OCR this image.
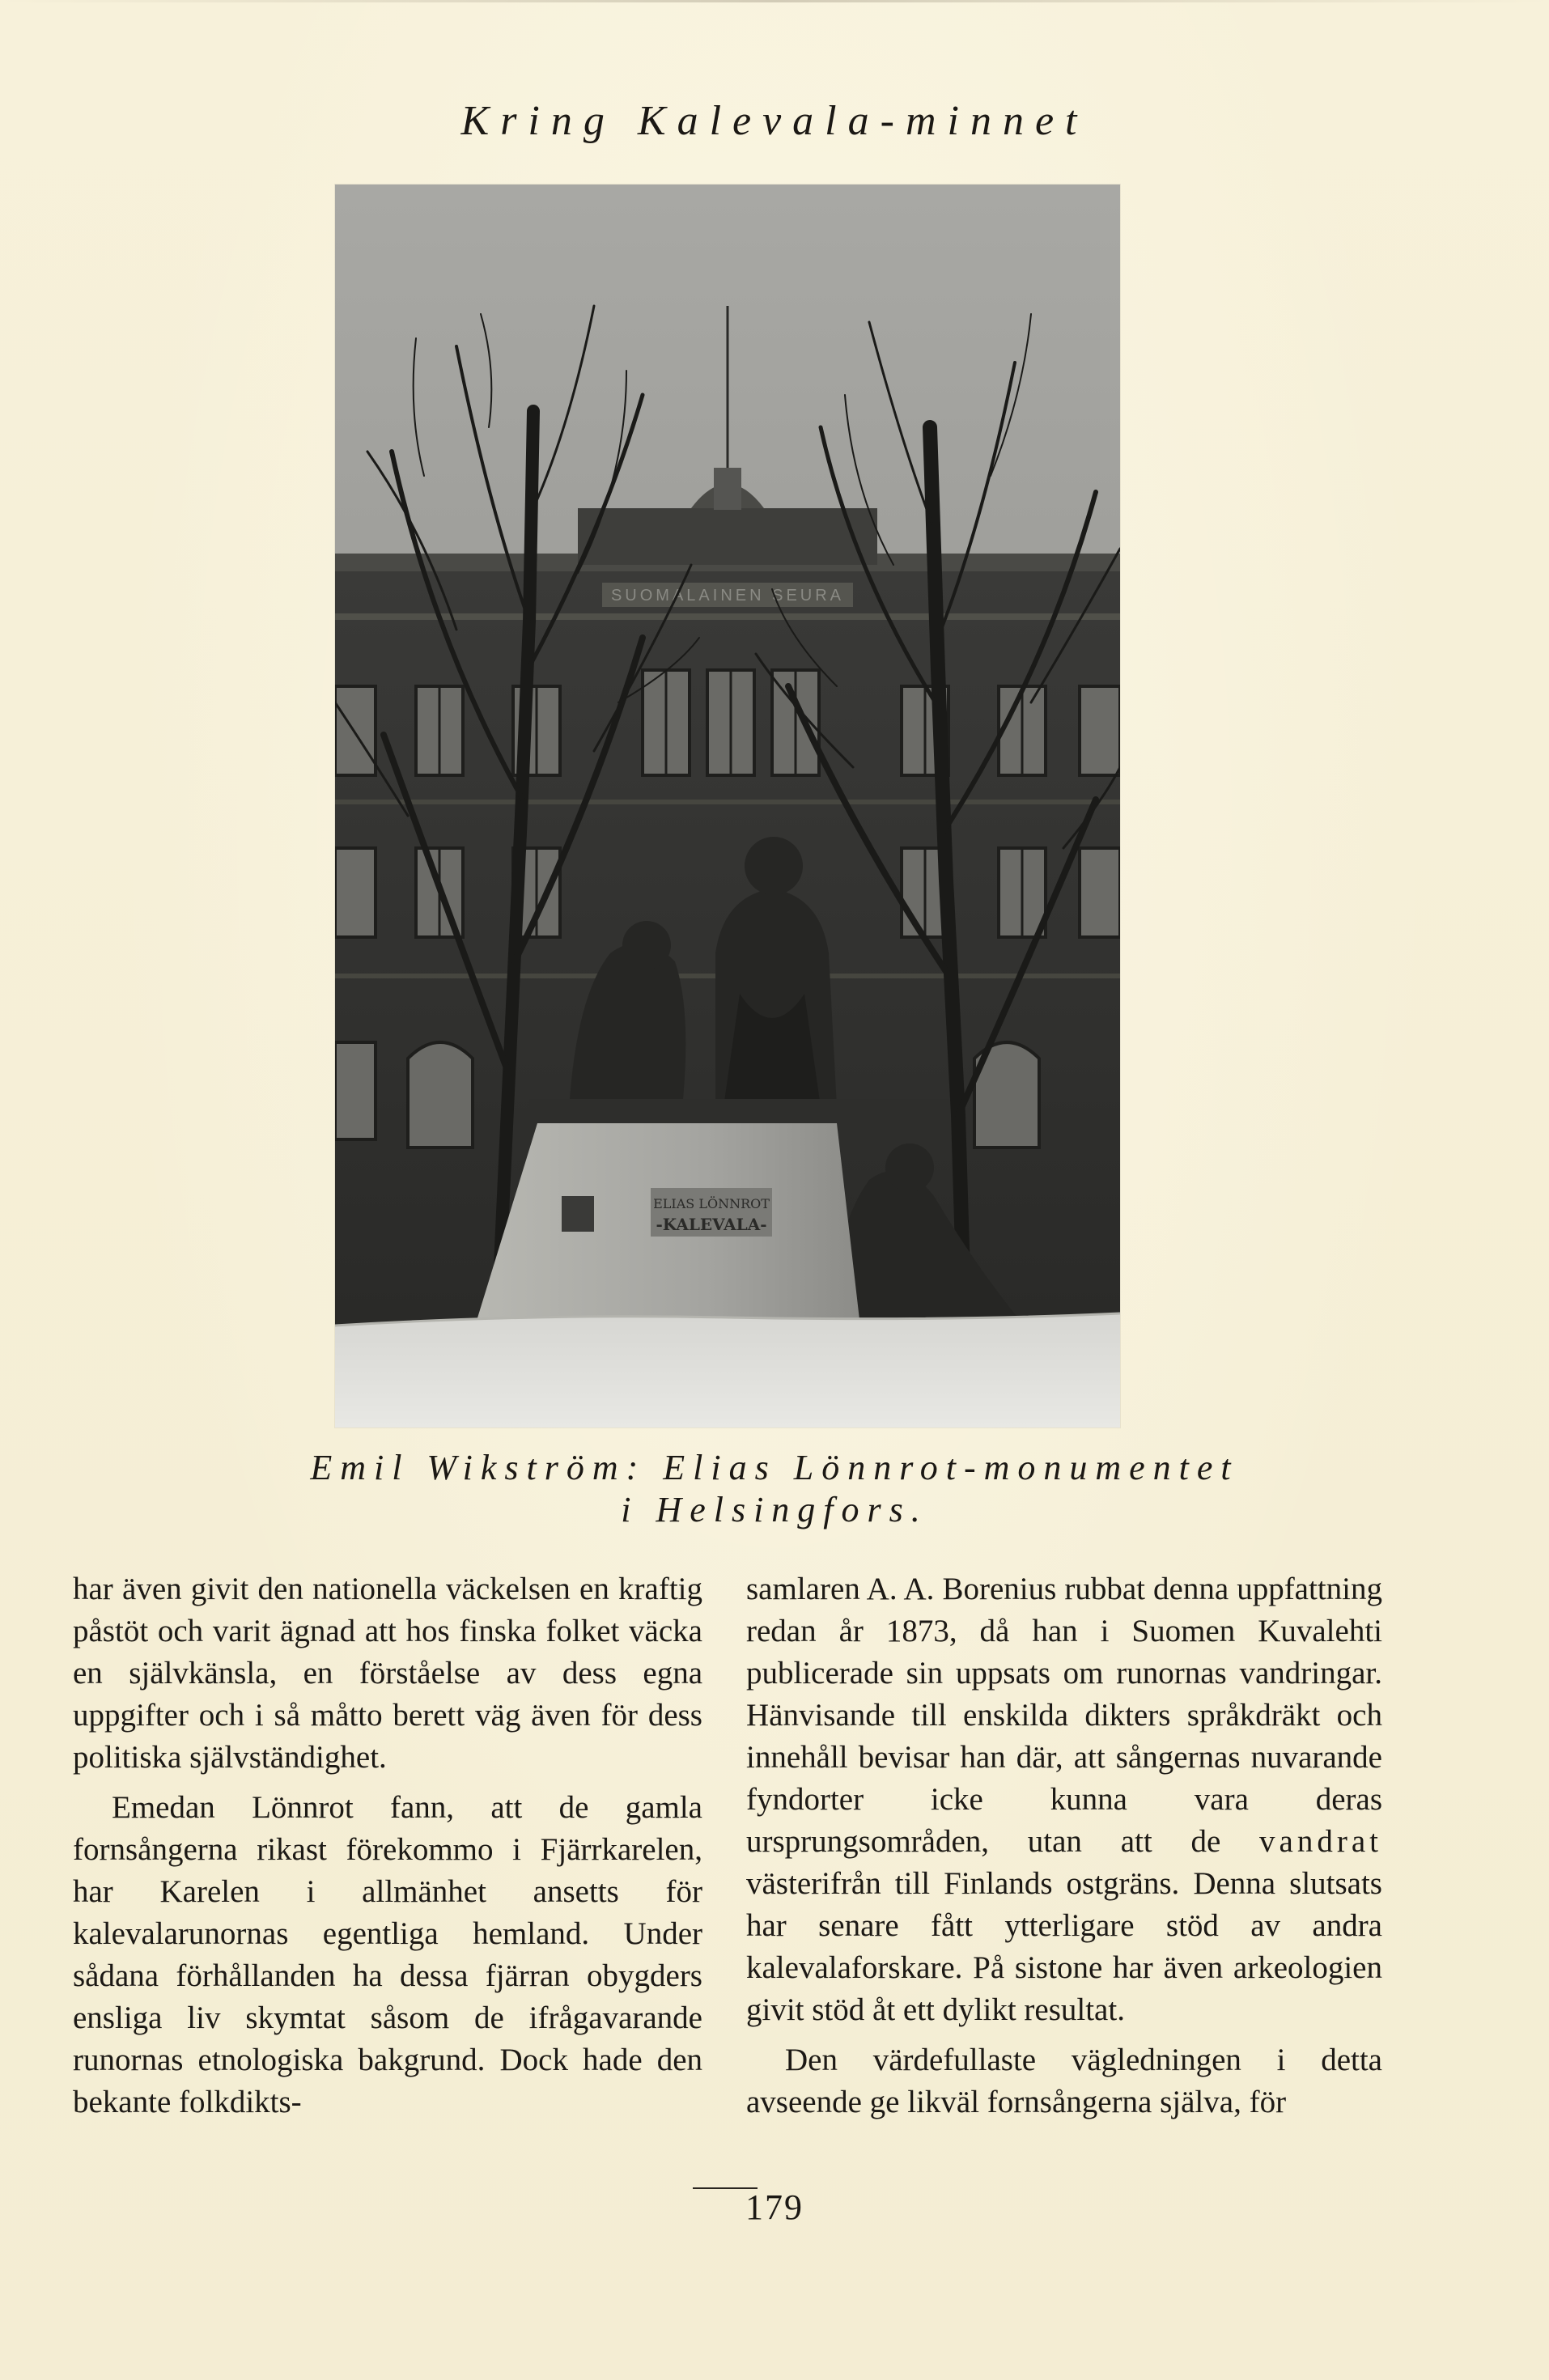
Kring Kalevala-minnet
SUOMALAINEN SEURA
ELIAS LÖNNROT
-KALEVALA-
Emil Wikström: Elias Lönnrot-monumentet
i Helsingfors.

har även givit den nationella väckelsen en kraftig påstöt och varit ägnad att hos finska folket väcka en självkänsla, en förståelse av dess egna uppgifter och i så måtto berett väg även för dess politiska självständighet.

Emedan Lönnrot fann, att de gamla fornsångerna rikast förekommo i Fjärrkarelen, har Karelen i allmänhet ansetts för kalevalarunornas egentliga hemland. Under sådana förhållanden ha dessa fjärran obygders ensliga liv skymtat såsom de ifrågavarande runornas etnologiska bakgrund. Dock hade den bekante folkdikts-

samlaren A. A. Borenius rubbat denna uppfattning redan år 1873, då han i Suomen Kuvalehti publicerade sin uppsats om runornas vandringar. Hänvisande till enskilda dikters språkdräkt och innehåll bevisar han där, att sångernas nuvarande fyndorter icke kunna vara deras ursprungsområden, utan att de vandrat västerifrån till Finlands ostgräns. Denna slutsats har senare fått ytterligare stöd av andra kalevalaforskare. På sistone har även arkeologien givit stöd åt ett dylikt resultat.

Den värdefullaste vägledningen i detta avseende ge likväl fornsångerna själva, för

179
